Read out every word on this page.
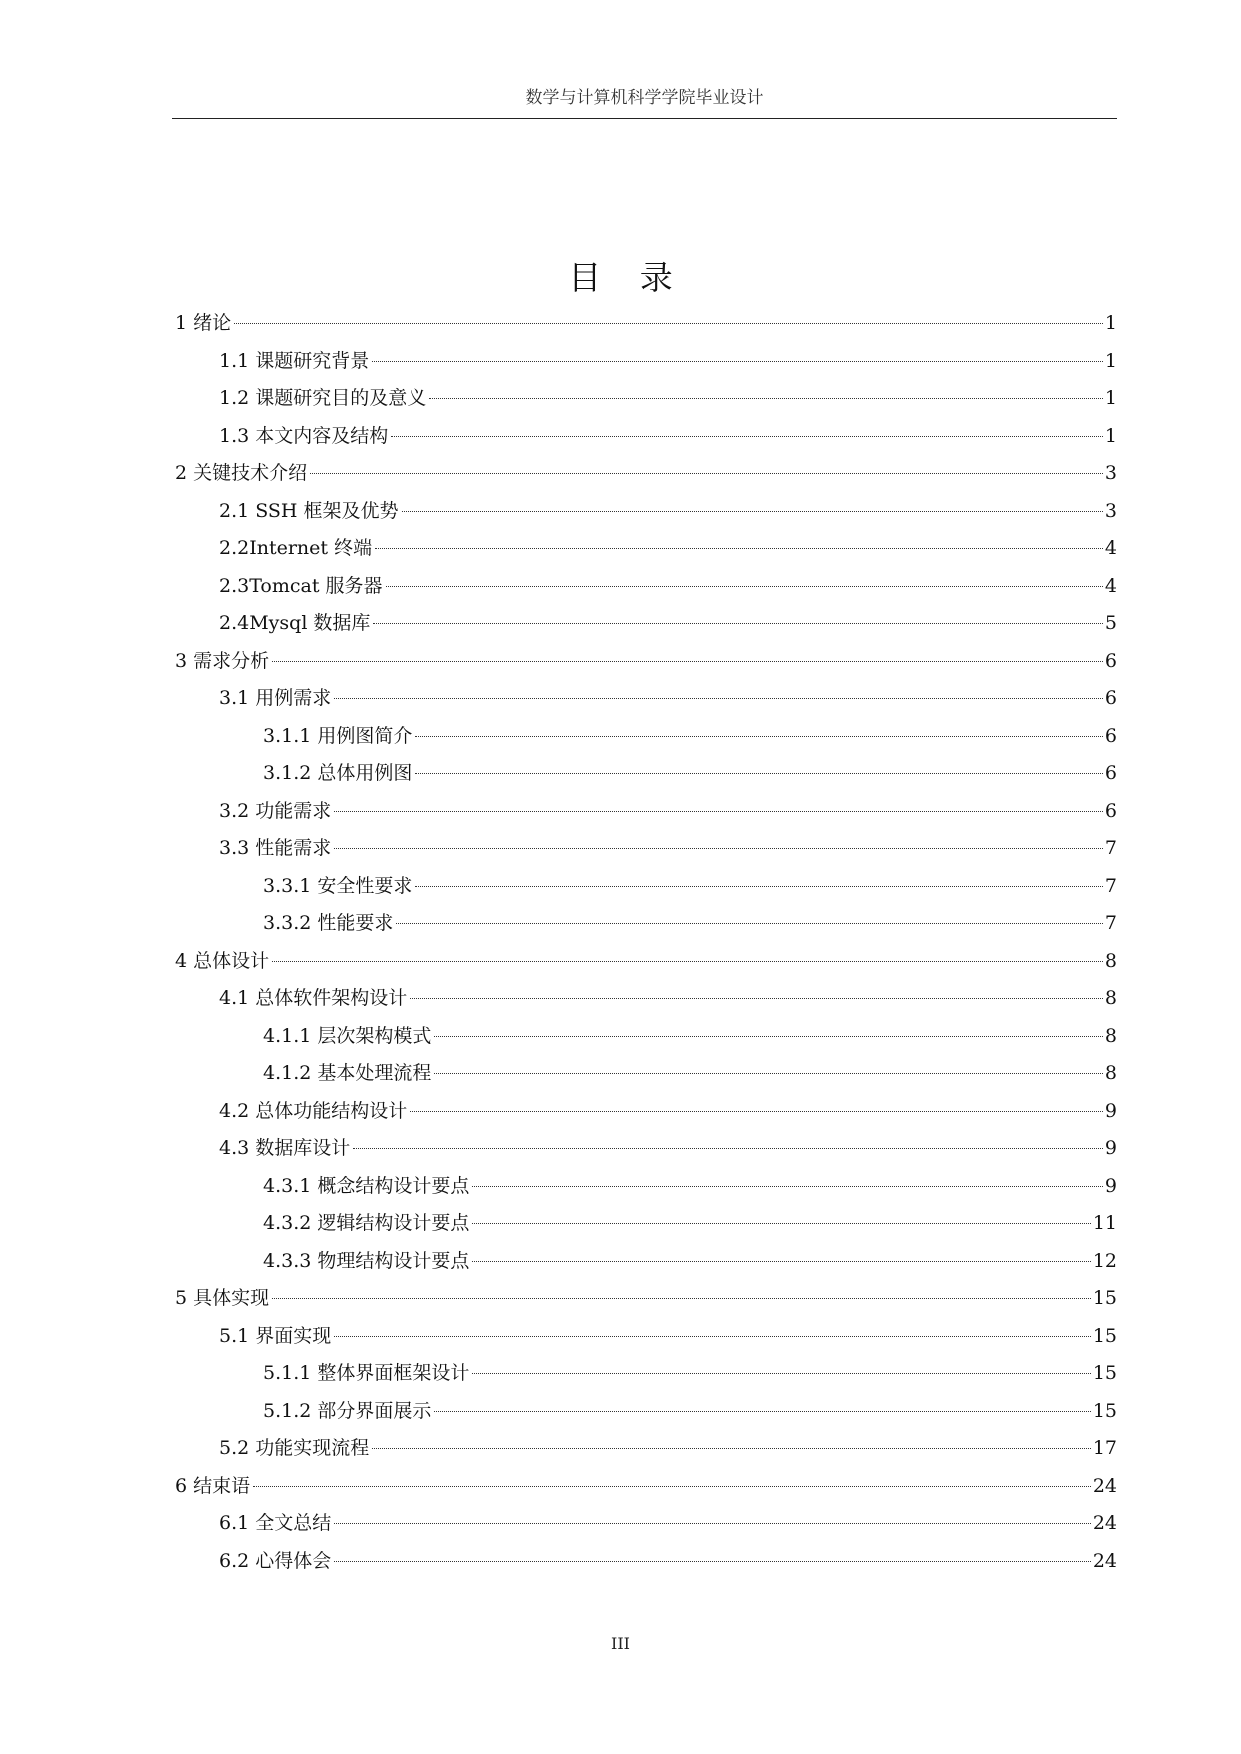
数学与计算机科学学院毕业设计
目 录
1 绪论	1
1.1 课题研究背景	1
1.2 课题研究目的及意义	1
1.3 本文内容及结构	1
2 关键技术介绍	3
2.1 SSH 框架及优势	3
2.2Internet 终端	4
2.3Tomcat 服务器	4
2.4Mysql 数据库	5
3 需求分析	6
3.1 用例需求	6
3.1.1 用例图简介	6
3.1.2 总体用例图	6
3.2 功能需求	6
3.3 性能需求	7
3.3.1 安全性要求	7
3.3.2 性能要求	7
4 总体设计	8
4.1 总体软件架构设计	8
4.1.1 层次架构模式	8
4.1.2 基本处理流程	8
4.2 总体功能结构设计	9
4.3 数据库设计	9
4.3.1 概念结构设计要点	9
4.3.2 逻辑结构设计要点	11
4.3.3 物理结构设计要点	12
5 具体实现	15
5.1 界面实现	15
5.1.1 整体界面框架设计	15
5.1.2 部分界面展示	15
5.2 功能实现流程	17
6 结束语	24
6.1 全文总结	24
6.2 心得体会	24
III
